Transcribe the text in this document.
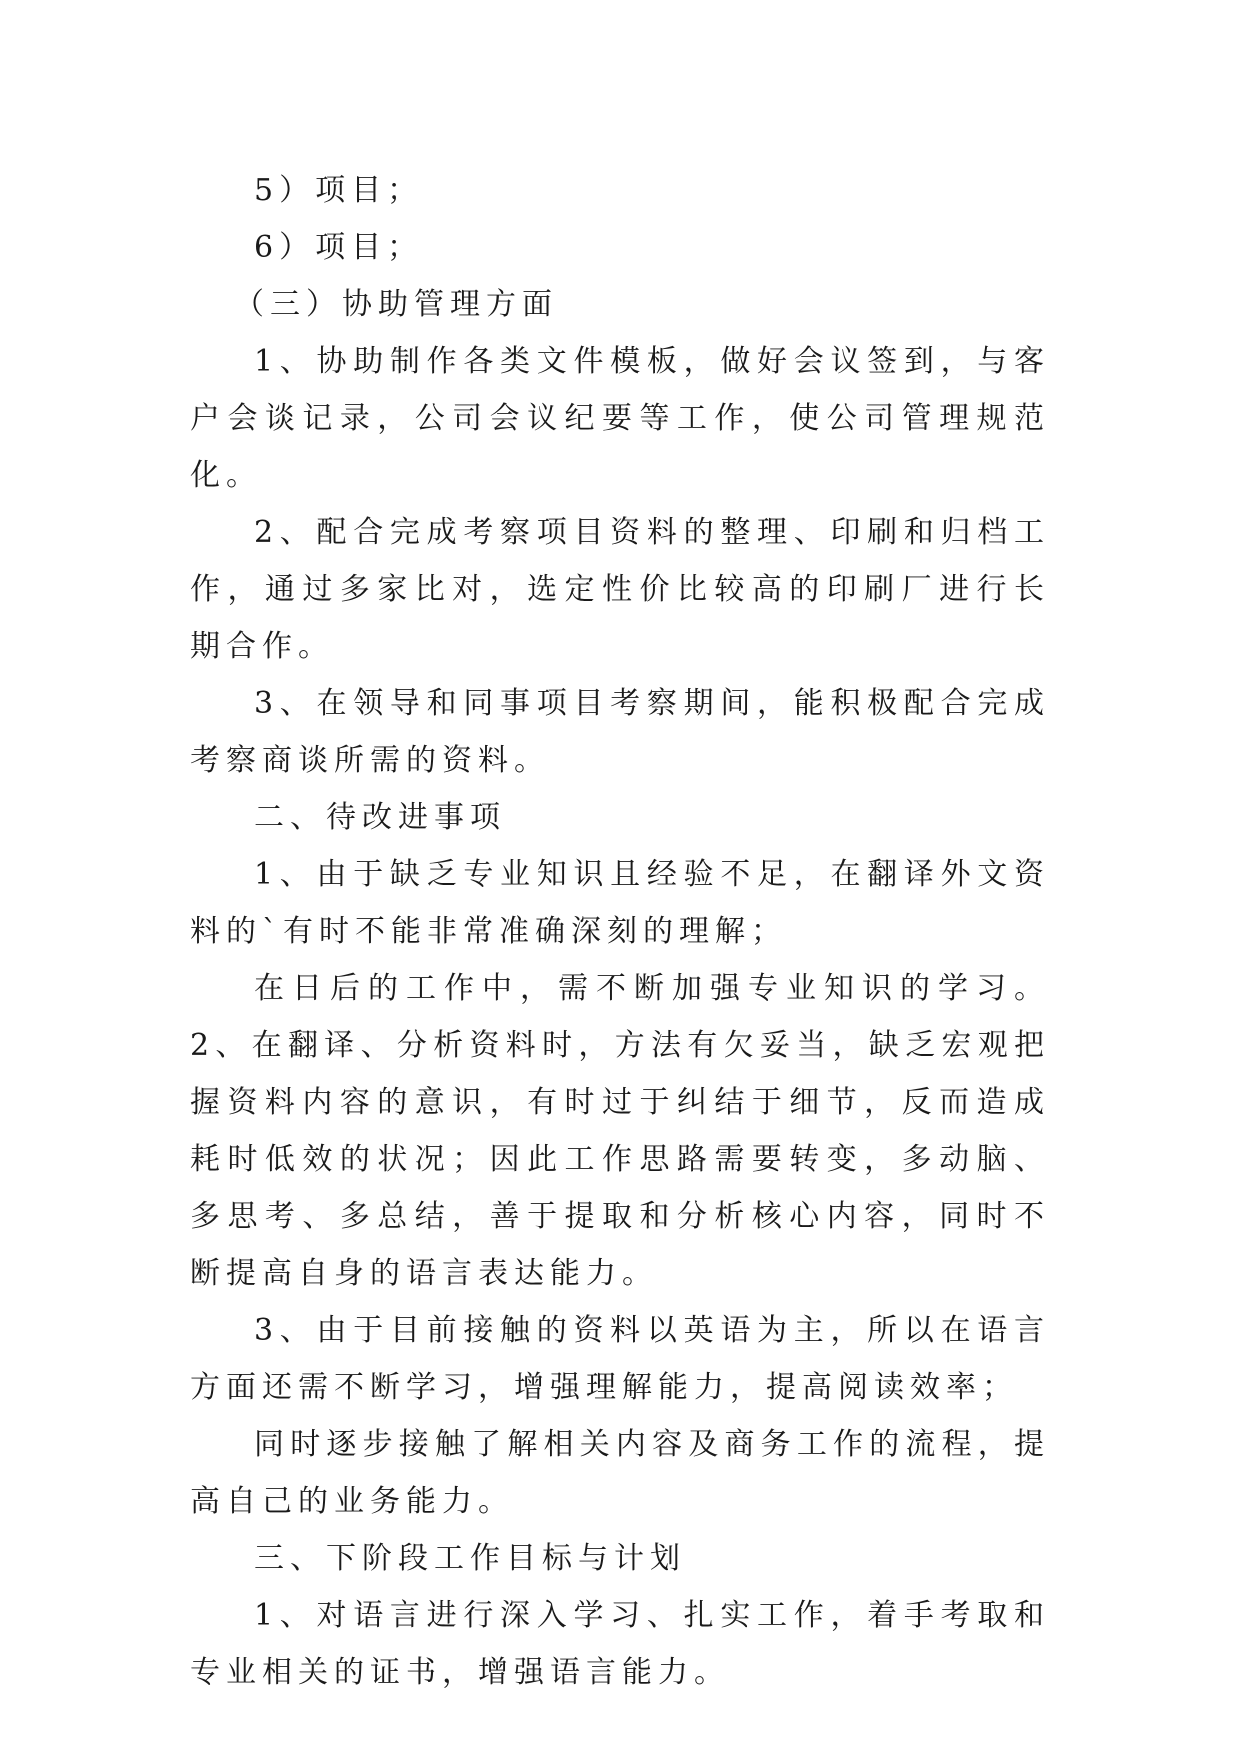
5）项目；

6）项目；

（三）协助管理方面

1、协助制作各类文件模板，做好会议签到，与客户会谈记录，公司会议纪要等工作，使公司管理规范化。

2、配合完成考察项目资料的整理、印刷和归档工作，通过多家比对，选定性价比较高的印刷厂进行长期合作。

3、在领导和同事项目考察期间，能积极配合完成考察商谈所需的资料。

二、待改进事项

1、由于缺乏专业知识且经验不足，在翻译外文资料的`有时不能非常准确深刻的理解；

在日后的工作中，需不断加强专业知识的学习。2、在翻译、分析资料时，方法有欠妥当，缺乏宏观把握资料内容的意识，有时过于纠结于细节，反而造成耗时低效的状况；因此工作思路需要转变，多动脑、多思考、多总结，善于提取和分析核心内容，同时不断提高自身的语言表达能力。

3、由于目前接触的资料以英语为主，所以在语言方面还需不断学习，增强理解能力，提高阅读效率；

同时逐步接触了解相关内容及商务工作的流程，提高自己的业务能力。

三、下阶段工作目标与计划

1、对语言进行深入学习、扎实工作，着手考取和专业相关的证书，增强语言能力。
